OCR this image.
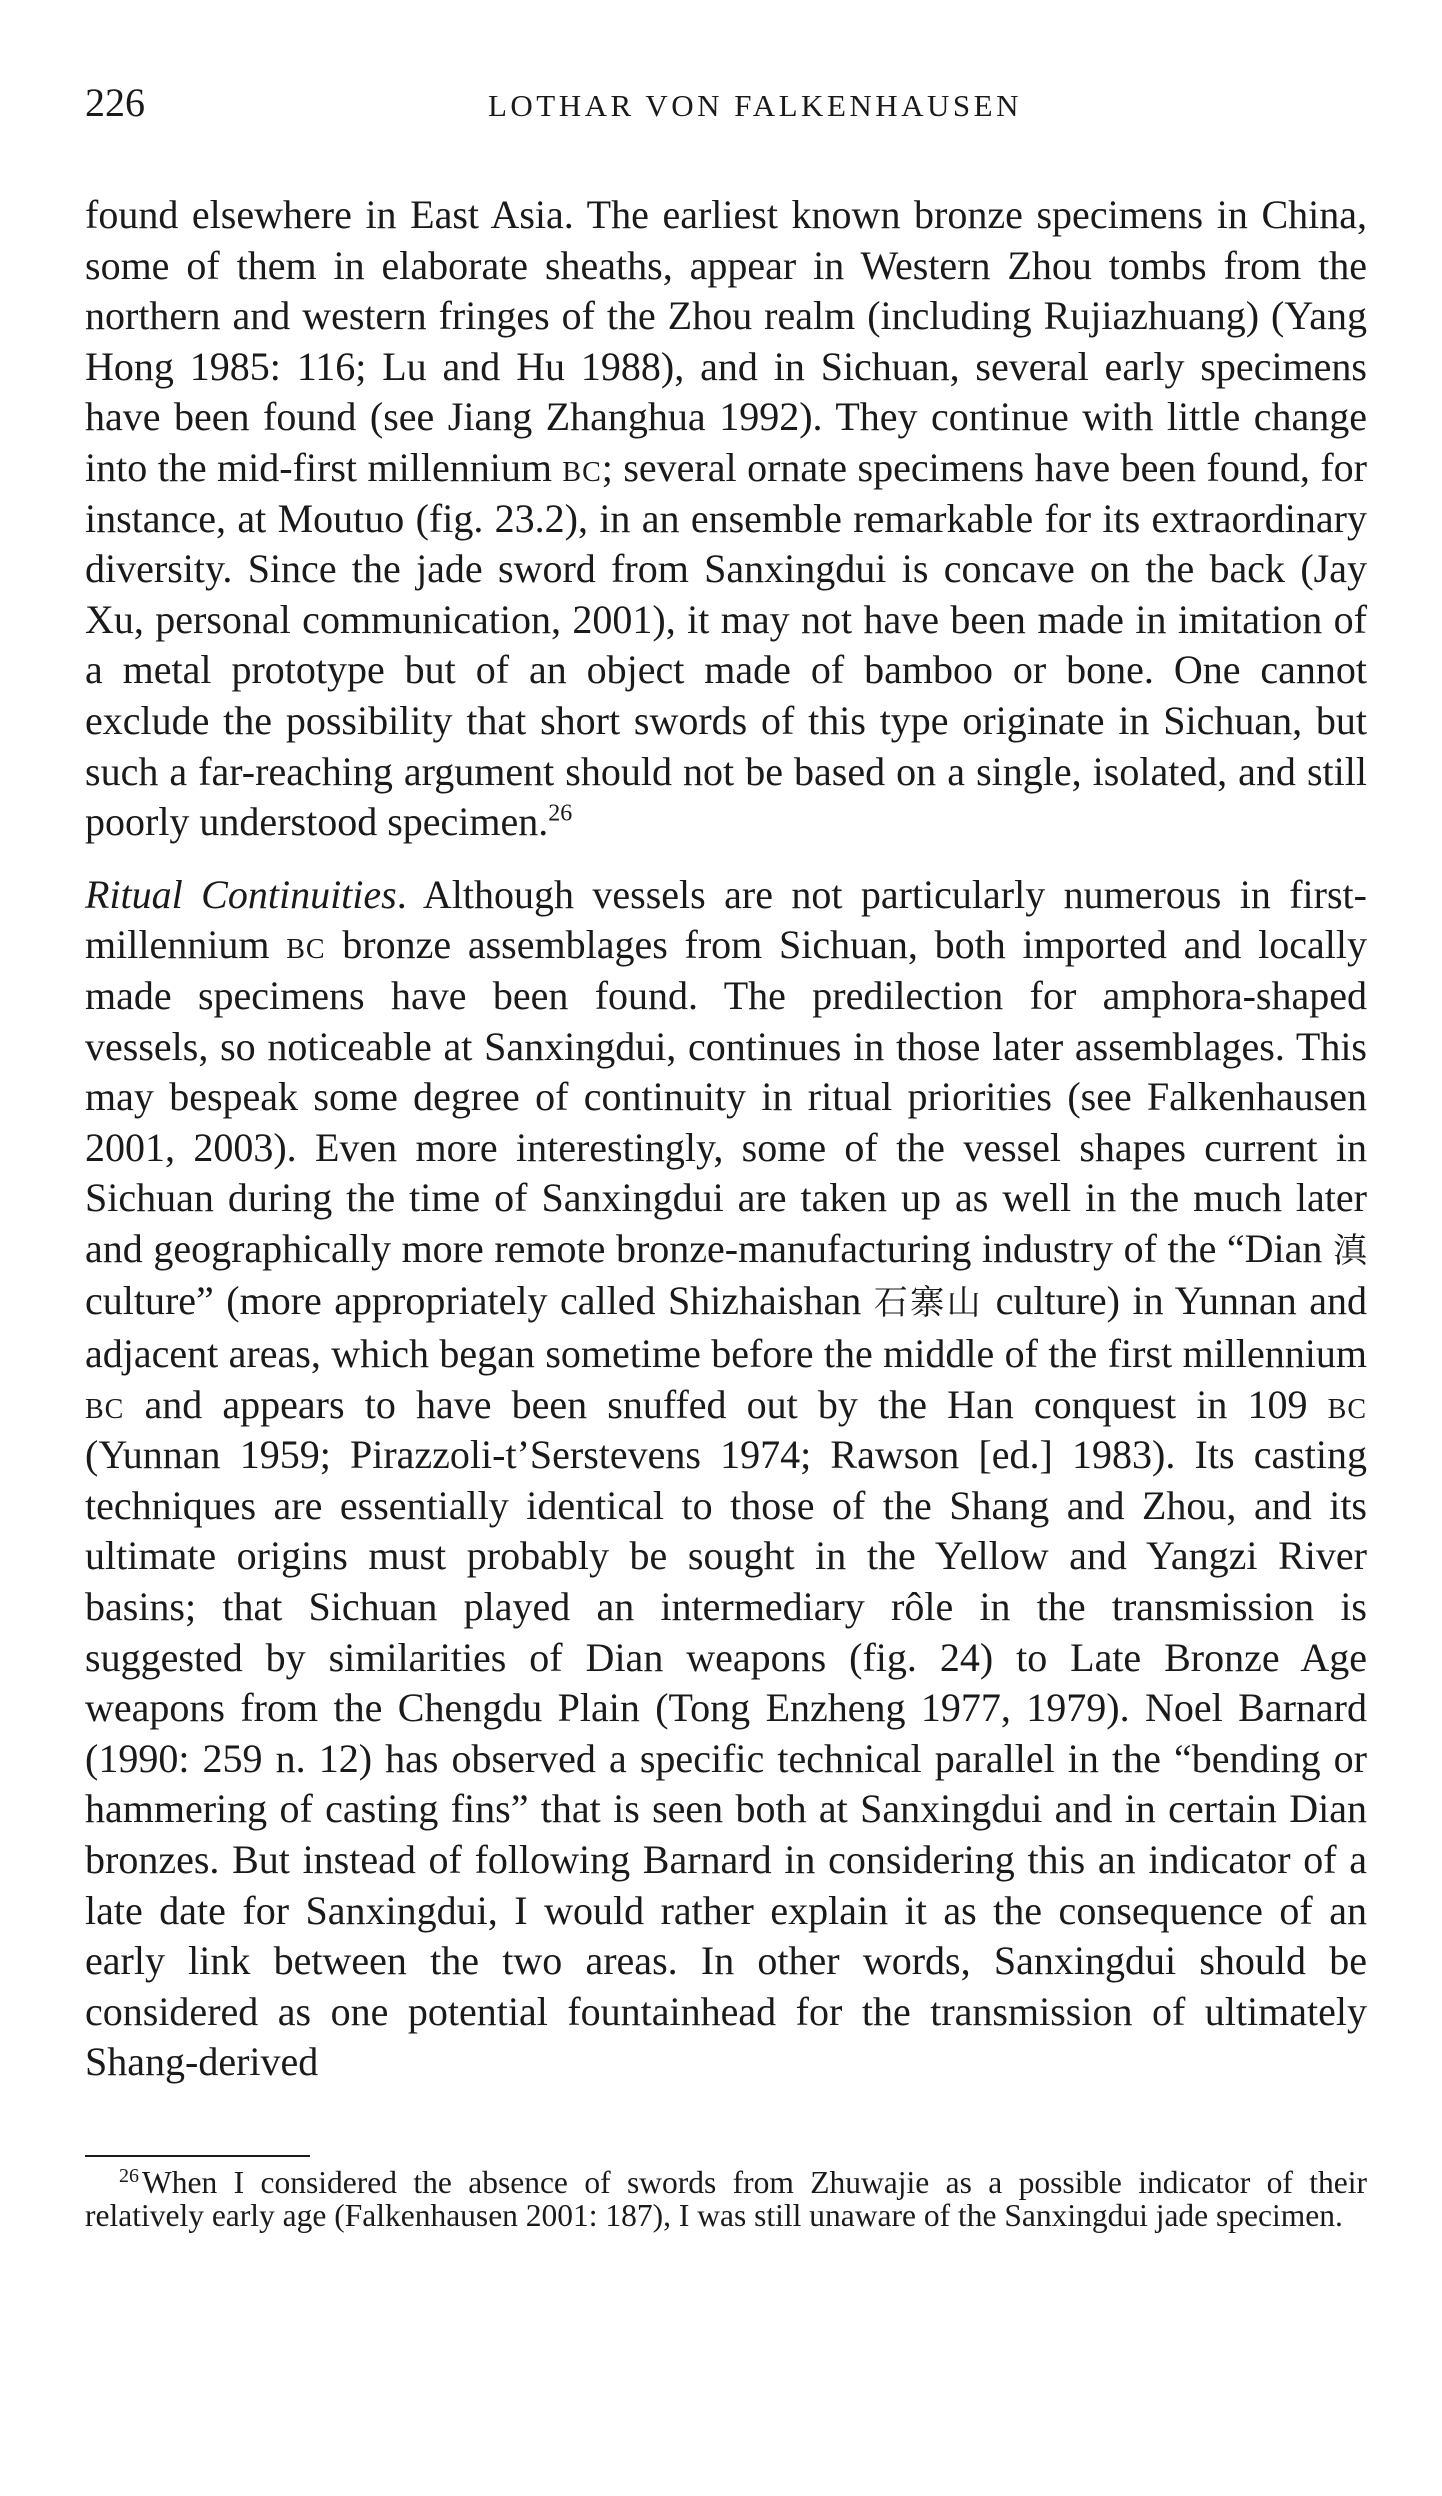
226	LOTHAR VON FALKENHAUSEN

found elsewhere in East Asia. The earliest known bronze specimens in China, some of them in elaborate sheaths, appear in Western Zhou tombs from the northern and western fringes of the Zhou realm (including Rujiazhuang) (Yang Hong 1985: 116; Lu and Hu 1988), and in Sichuan, several early specimens have been found (see Jiang Zhanghua 1992). They continue with little change into the mid-first millennium bc; several ornate specimens have been found, for instance, at Moutuo (fig. 23.2), in an ensemble remarkable for its extraordinary diversity. Since the jade sword from Sanxingdui is concave on the back (Jay Xu, personal communication, 2001), it may not have been made in imitation of a metal prototype but of an object made of bamboo or bone. One cannot exclude the possibility that short swords of this type originate in Sichuan, but such a far-reaching argument should not be based on a single, isolated, and still poorly understood specimen.$^{26}$

Ritual Continuities. Although vessels are not particularly numerous in first-millennium bc bronze assemblages from Sichuan, both imported and locally made specimens have been found. The predilection for amphora-shaped vessels, so noticeable at Sanxingdui, continues in those later assemblages. This may bespeak some degree of continuity in ritual priorities (see Falkenhausen 2001, 2003). Even more interestingly, some of the vessel shapes current in Sichuan during the time of Sanxingdui are taken up as well in the much later and geographically more remote bronze-manufacturing industry of the “Dian 滇 culture” (more appropriately called Shizhaishan 石寨山 culture) in Yunnan and adjacent areas, which began sometime before the middle of the first millennium bc and appears to have been snuffed out by the Han conquest in 109 bc (Yunnan 1959; Pirazzoli-t’Serstevens 1974; Rawson [ed.] 1983). Its casting techniques are essentially identical to those of the Shang and Zhou, and its ultimate origins must probably be sought in the Yellow and Yangzi River basins; that Sichuan played an intermediary rôle in the transmission is suggested by similarities of Dian weapons (fig. 24) to Late Bronze Age weapons from the Chengdu Plain (Tong Enzheng 1977, 1979). Noel Barnard (1990: 259 n. 12) has observed a specific technical parallel in the “bending or hammering of casting fins” that is seen both at Sanxingdui and in certain Dian bronzes. But instead of following Barnard in considering this an indicator of a late date for Sanxingdui, I would rather explain it as the consequence of an early link between the two areas. In other words, Sanxingdui should be considered as one potential fountainhead for the transmission of ultimately Shang-derived

$^{26}$When I considered the absence of swords from Zhuwajie as a possible indicator of their relatively early age (Falkenhausen 2001: 187), I was still unaware of the Sanxingdui jade specimen.
